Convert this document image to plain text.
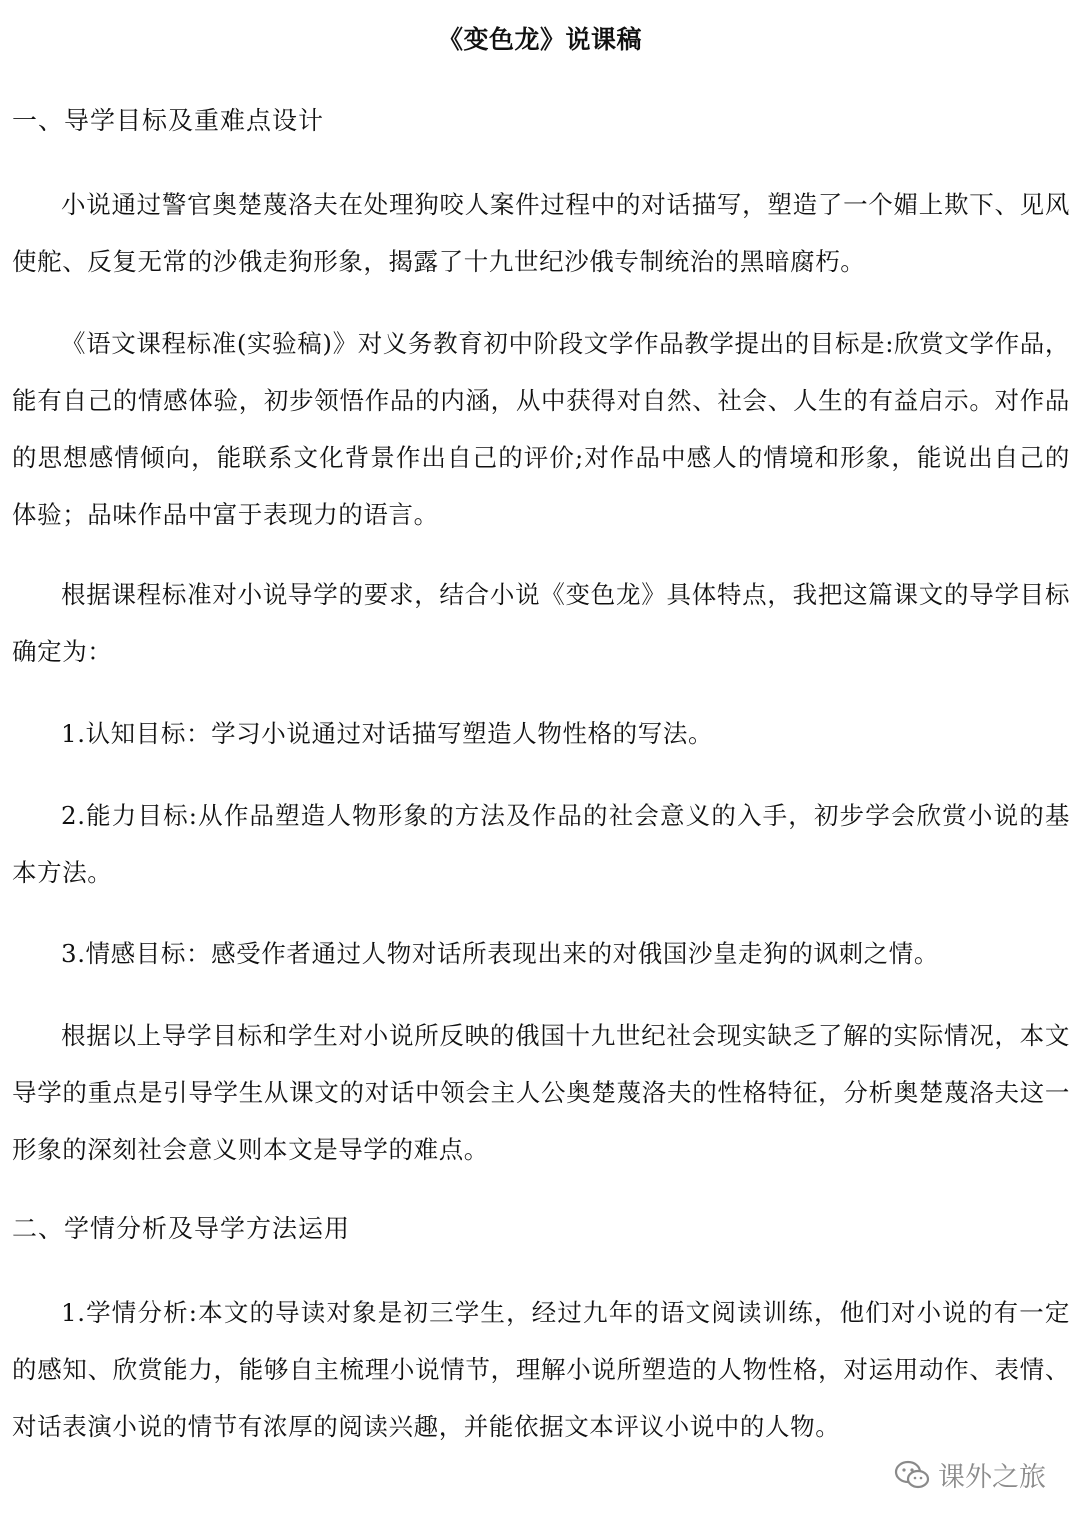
《变色龙》说课稿
一、导学目标及重难点设计
小说通过警官奥楚蔑洛夫在处理狗咬人案件过程中的对话描写，塑造了一个媚上欺下、见风使舵、反复无常的沙俄走狗形象，揭露了十九世纪沙俄专制统治的黑暗腐朽。
《语文课程标准(实验稿)》对义务教育初中阶段文学作品教学提出的目标是:欣赏文学作品，能有自己的情感体验，初步领悟作品的内涵，从中获得对自然、社会、人生的有益启示。对作品的思想感情倾向，能联系文化背景作出自己的评价;对作品中感人的情境和形象，能说出自己的体验；品味作品中富于表现力的语言。
根据课程标准对小说导学的要求，结合小说《变色龙》具体特点，我把这篇课文的导学目标确定为：
1.认知目标：学习小说通过对话描写塑造人物性格的写法。
2.能力目标:从作品塑造人物形象的方法及作品的社会意义的入手，初步学会欣赏小说的基本方法。
3.情感目标：感受作者通过人物对话所表现出来的对俄国沙皇走狗的讽刺之情。
根据以上导学目标和学生对小说所反映的俄国十九世纪社会现实缺乏了解的实际情况，本文导学的重点是引导学生从课文的对话中领会主人公奥楚蔑洛夫的性格特征，分析奥楚蔑洛夫这一形象的深刻社会意义则本文是导学的难点。
二、学情分析及导学方法运用
1.学情分析:本文的导读对象是初三学生，经过九年的语文阅读训练，他们对小说的有一定的感知、欣赏能力，能够自主梳理小说情节，理解小说所塑造的人物性格，对运用动作、表情、对话表演小说的情节有浓厚的阅读兴趣，并能依据文本评议小说中的人物。
课外之旅
